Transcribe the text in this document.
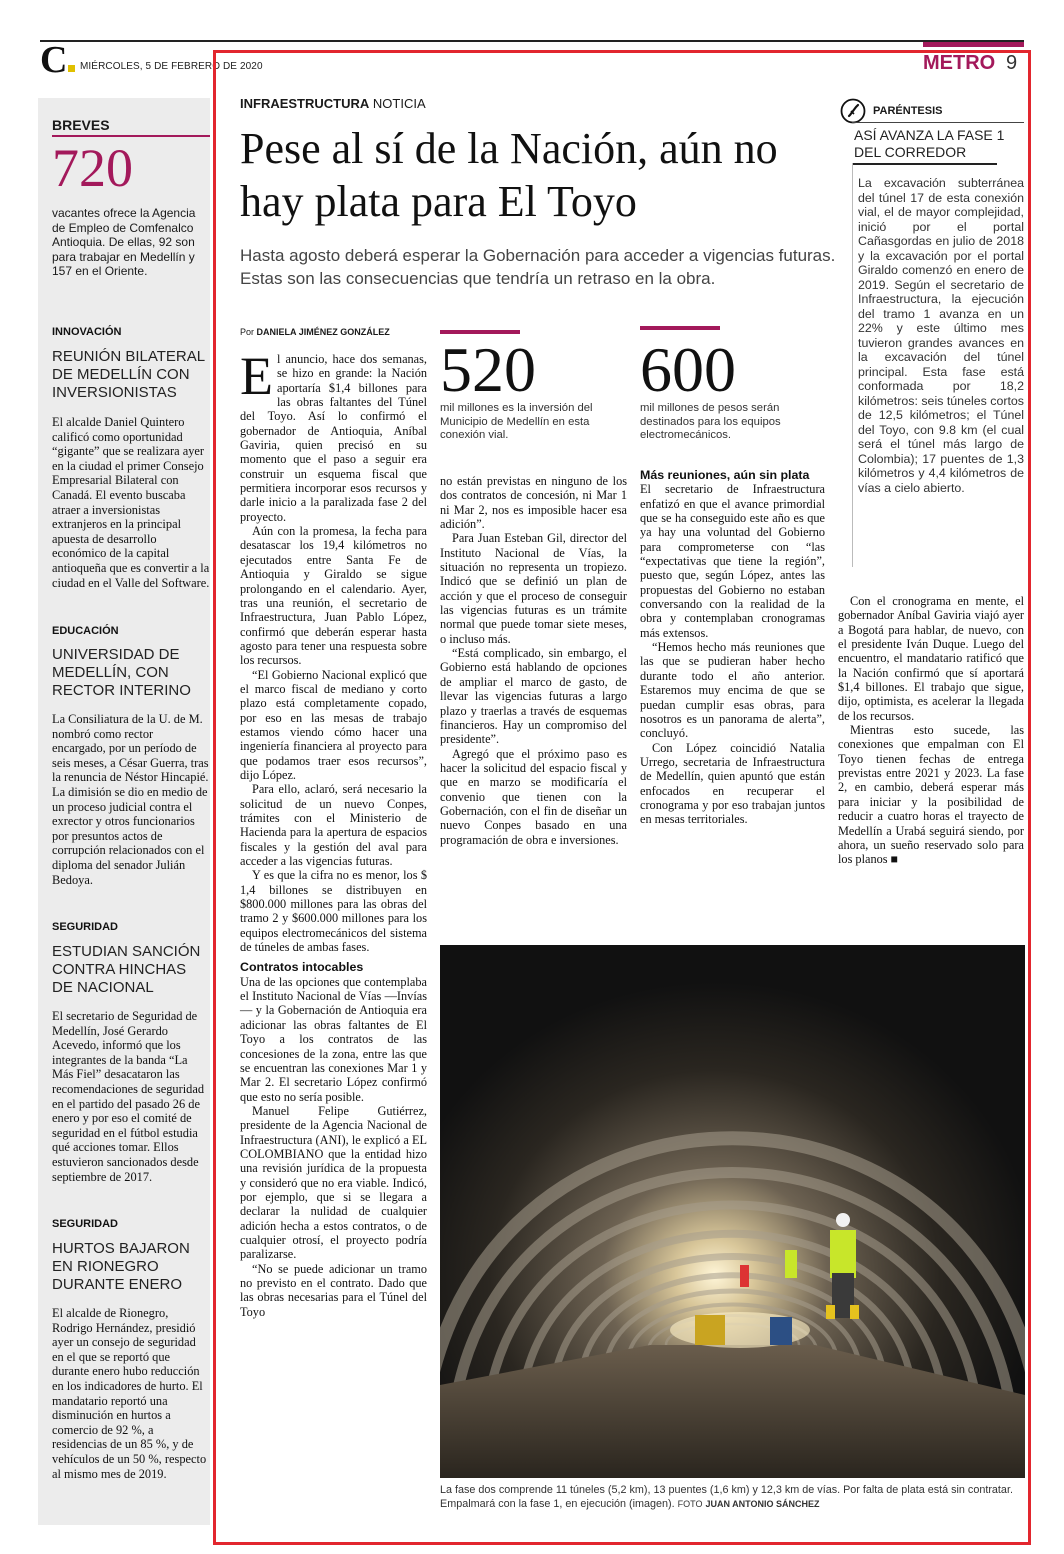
C	MIÉRCOLES, 5 DE FEBRERO DE 2020	METRO 9
BREVES
720
vacantes ofrece la Agencia de Empleo de Comfenalco Antioquia. De ellas, 92 son para trabajar en Medellín y 157 en el Oriente.
INNOVACIÓN
REUNIÓN BILATERAL DE MEDELLÍN CON INVERSIONISTAS
El alcalde Daniel Quintero calificó como oportunidad “gigante” que se realizara ayer en la ciudad el primer Consejo Empresarial Bilateral con Canadá. El evento buscaba atraer a inversionistas extranjeros en la principal apuesta de desarrollo económico de la capital antioqueña que es convertir a la ciudad en el Valle del Software.
EDUCACIÓN
UNIVERSIDAD DE MEDELLÍN, CON RECTOR INTERINO
La Consiliatura de la U. de M. nombró como rector encargado, por un período de seis meses, a César Guerra, tras la renuncia de Néstor Hincapié. La dimisión se dio en medio de un proceso judicial contra el exrector y otros funcionarios por presuntos actos de corrupción relacionados con el diploma del senador Julián Bedoya.
SEGURIDAD
ESTUDIAN SANCIÓN CONTRA HINCHAS DE NACIONAL
El secretario de Seguridad de Medellín, José Gerardo Acevedo, informó que los integrantes de la banda “La Más Fiel” desacataron las recomendaciones de seguridad en el partido del pasado 26 de enero y por eso el comité de seguridad en el fútbol estudia qué acciones tomar. Ellos estuvieron sancionados desde septiembre de 2017.
SEGURIDAD
HURTOS BAJARON EN RIONEGRO DURANTE ENERO
El alcalde de Rionegro, Rodrigo Hernández, presidió ayer un consejo de seguridad en el que se reportó que durante enero hubo reducción en los indicadores de hurto. El mandatario reportó una disminución en hurtos a comercio de 92 %, a residencias de un 85 %, y de vehículos de un 50 %, respecto al mismo mes de 2019.
INFRAESTRUCTURA NOTICIA
Pese al sí de la Nación, aún no hay plata para El Toyo
Hasta agosto deberá esperar la Gobernación para acceder a vigencias futuras. Estas son las consecuencias que tendría un retraso en la obra.
Por DANIELA JIMÉNEZ GONZÁLEZ

El anuncio, hace dos semanas, se hizo en grande: la Nación aportaría $1,4 billones para las obras faltantes del Túnel del Toyo. Así lo confirmó el gobernador de Antioquia, Aníbal Gaviria, quien precisó en su momento que el paso a seguir era construir un esquema fiscal que permitiera incorporar esos recursos y darle inicio a la paralizada fase 2 del proyecto.

Aún con la promesa, la fecha para desatascar los 19,4 kilómetros no ejecutados entre Santa Fe de Antioquia y Giraldo se sigue prolongando en el calendario. Ayer, tras una reunión, el secretario de Infraestructura, Juan Pablo López, confirmó que deberán esperar hasta agosto para tener una respuesta sobre los recursos.

“El Gobierno Nacional explicó que el marco fiscal de mediano y corto plazo está completamente copado, por eso en las mesas de trabajo estamos viendo cómo hacer una ingeniería financiera al proyecto para que podamos traer esos recursos”, dijo López.

Para ello, aclaró, será necesario la solicitud de un nuevo Conpes, trámites con el Ministerio de Hacienda para la apertura de espacios fiscales y la gestión del aval para acceder a las vigencias futuras.

Y es que la cifra no es menor, los $ 1,4 billones se distribuyen en $800.000 millones para las obras del tramo 2 y $600.000 millones para los equipos electromecánicos del sistema de túneles de ambas fases.

Contratos intocables

Una de las opciones que contemplaba el Instituto Nacional de Vías —Invías— y la Gobernación de Antioquia era adicionar las obras faltantes de El Toyo a los contratos de las concesiones de la zona, entre las que se encuentran las conexiones Mar 1 y Mar 2. El secretario López confirmó que esto no sería posible.

Manuel Felipe Gutiérrez, presidente de la Agencia Nacional de Infraestructura (ANI), le explicó a EL COLOMBIANO que la entidad hizo una revisión jurídica de la propuesta y consideró que no era viable. Indicó, por ejemplo, que si se llegara a declarar la nulidad de cualquier adición hecha a estos contratos, o de cualquier otrosí, el proyecto podría paralizarse.

“No se puede adicionar un tramo no previsto en el contrato. Dado que las obras necesarias para el Túnel del Toyo

520
mil millones es la inversión del Municipio de Medellín en esta conexión vial.
600
mil millones de pesos serán destinados para los equipos electromecánicos.

no están previstas en ninguno de los dos contratos de concesión, ni Mar 1 ni Mar 2, nos es imposible hacer esa adición”.

Para Juan Esteban Gil, director del Instituto Nacional de Vías, la situación no representa un tropiezo. Indicó que se definió un plan de acción y que el proceso de conseguir las vigencias futuras es un trámite normal que puede tomar siete meses, o incluso más.

“Está complicado, sin embargo, el Gobierno está hablando de opciones de ampliar el marco de gasto, de llevar las vigencias futuras a largo plazo y traerlas a través de esquemas financieros. Hay un compromiso del presidente”.

Agregó que el próximo paso es hacer la solicitud del espacio fiscal y que en marzo se modificaría el convenio que tienen con la Gobernación, con el fin de diseñar un nuevo Conpes basado en una programación de obra e inversiones.

Más reuniones, aún sin plata

El secretario de Infraestructura enfatizó en que el avance primordial que se ha conseguido este año es que ya hay una voluntad del Gobierno para comprometerse con “las “expectativas que tiene la región”, puesto que, según López, antes las propuestas del Gobierno no estaban conversando con la realidad de la obra y contemplaban cronogramas más extensos.

“Hemos hecho más reuniones que las que se pudieran haber hecho durante todo el año anterior. Estaremos muy encima de que se puedan cumplir esas obras, para nosotros es un panorama de alerta”, concluyó.

Con López coincidió Natalia Urrego, secretaria de Infraestructura de Medellín, quien apuntó que están enfocados en recuperar el cronograma y por eso trabajan juntos en mesas territoriales.

PARÉNTESIS
ASÍ AVANZA LA FASE 1 DEL CORREDOR
La excavación subterránea del túnel 17 de esta conexión vial, el de mayor complejidad, inició por el portal Cañasgordas en julio de 2018 y la excavación por el portal Giraldo comenzó en enero de 2019. Según el secretario de Infraestructura, la ejecución del tramo 1 avanza en un 22% y este último mes tuvieron grandes avances en la excavación del túnel principal. Esta fase está conformada por 18,2 kilómetros: seis túneles cortos de 12,5 kilómetros; el Túnel del Toyo, con 9.8 km (el cual será el túnel más largo de Colombia); 17 puentes de 1,3 kilómetros y 4,4 kilómetros de vías a cielo abierto.

Con el cronograma en mente, el gobernador Aníbal Gaviria viajó ayer a Bogotá para hablar, de nuevo, con el presidente Iván Duque. Luego del encuentro, el mandatario ratificó que la Nación confirmó que sí aportará $1,4 billones. El trabajo que sigue, dijo, optimista, es acelerar la llegada de los recursos.

Mientras esto sucede, las conexiones que empalman con El Toyo tienen fechas de entrega previstas entre 2021 y 2023. La fase 2, en cambio, deberá esperar más para iniciar y la posibilidad de reducir a cuatro horas el trayecto de Medellín a Urabá seguirá siendo, por ahora, un sueño reservado solo para los planos ■

La fase dos comprende 11 túneles (5,2 km), 13 puentes (1,6 km) y 12,3 km de vías. Por falta de plata está sin contratar. Empalmará con la fase 1, en ejecución (imagen). FOTO JUAN ANTONIO SÁNCHEZ
